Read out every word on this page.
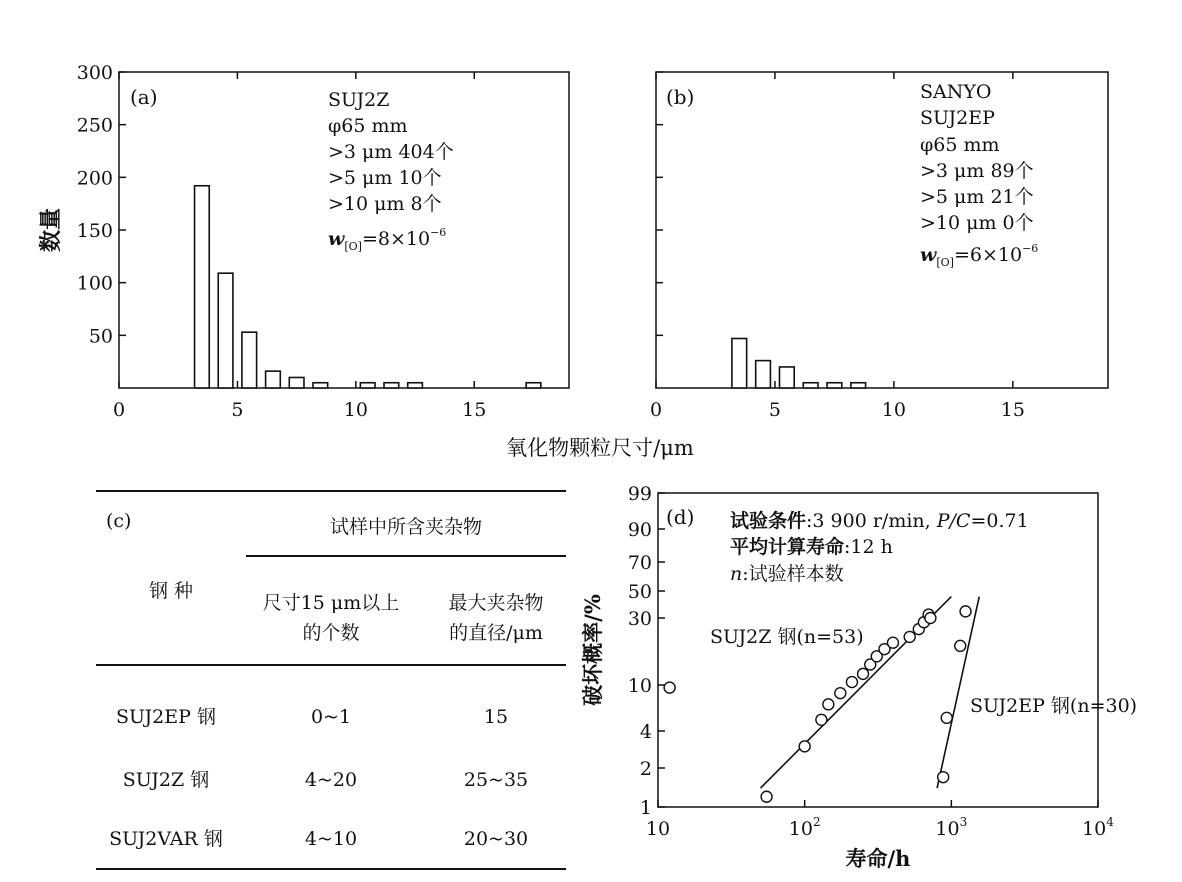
0	5	10	15
50
100
150
200
250
300
(a)	SUJ2Z
φ65 mm
>3 μm 404个
>5 μm 10个
>10 μm 8个
$w_{[O]}=8\times 10^{-6}$
数量
0	5	10	15
(b)	SANYO
SUJ2EP
φ65 mm
>3 μm 89个
>5 μm 21个
>10 μm 0个
$w_{[O]}=6\times 10^{-6}$
氧化物颗粒尺寸/μm
99
90
70
50
30
10
4
2
1
10	$10^2$	$10^3$	$10^4$
(d) 试验条件:3 900 r/min, P/C=0.71
平均计算寿命:12 h
n:试验样本数
SUJ2Z 钢(n=53)
SUJ2EP 钢(n=30)
破坏概率/%
寿命/h
(c)	试样中所含夹杂物
钢 种
尺寸15 μm以上
的个数
最大夹杂物
的直径/μm
SUJ2EP 钢	0~1	15
SUJ2Z 钢	4~20	25~35
SUJ2VAR 钢	4~10	20~30
